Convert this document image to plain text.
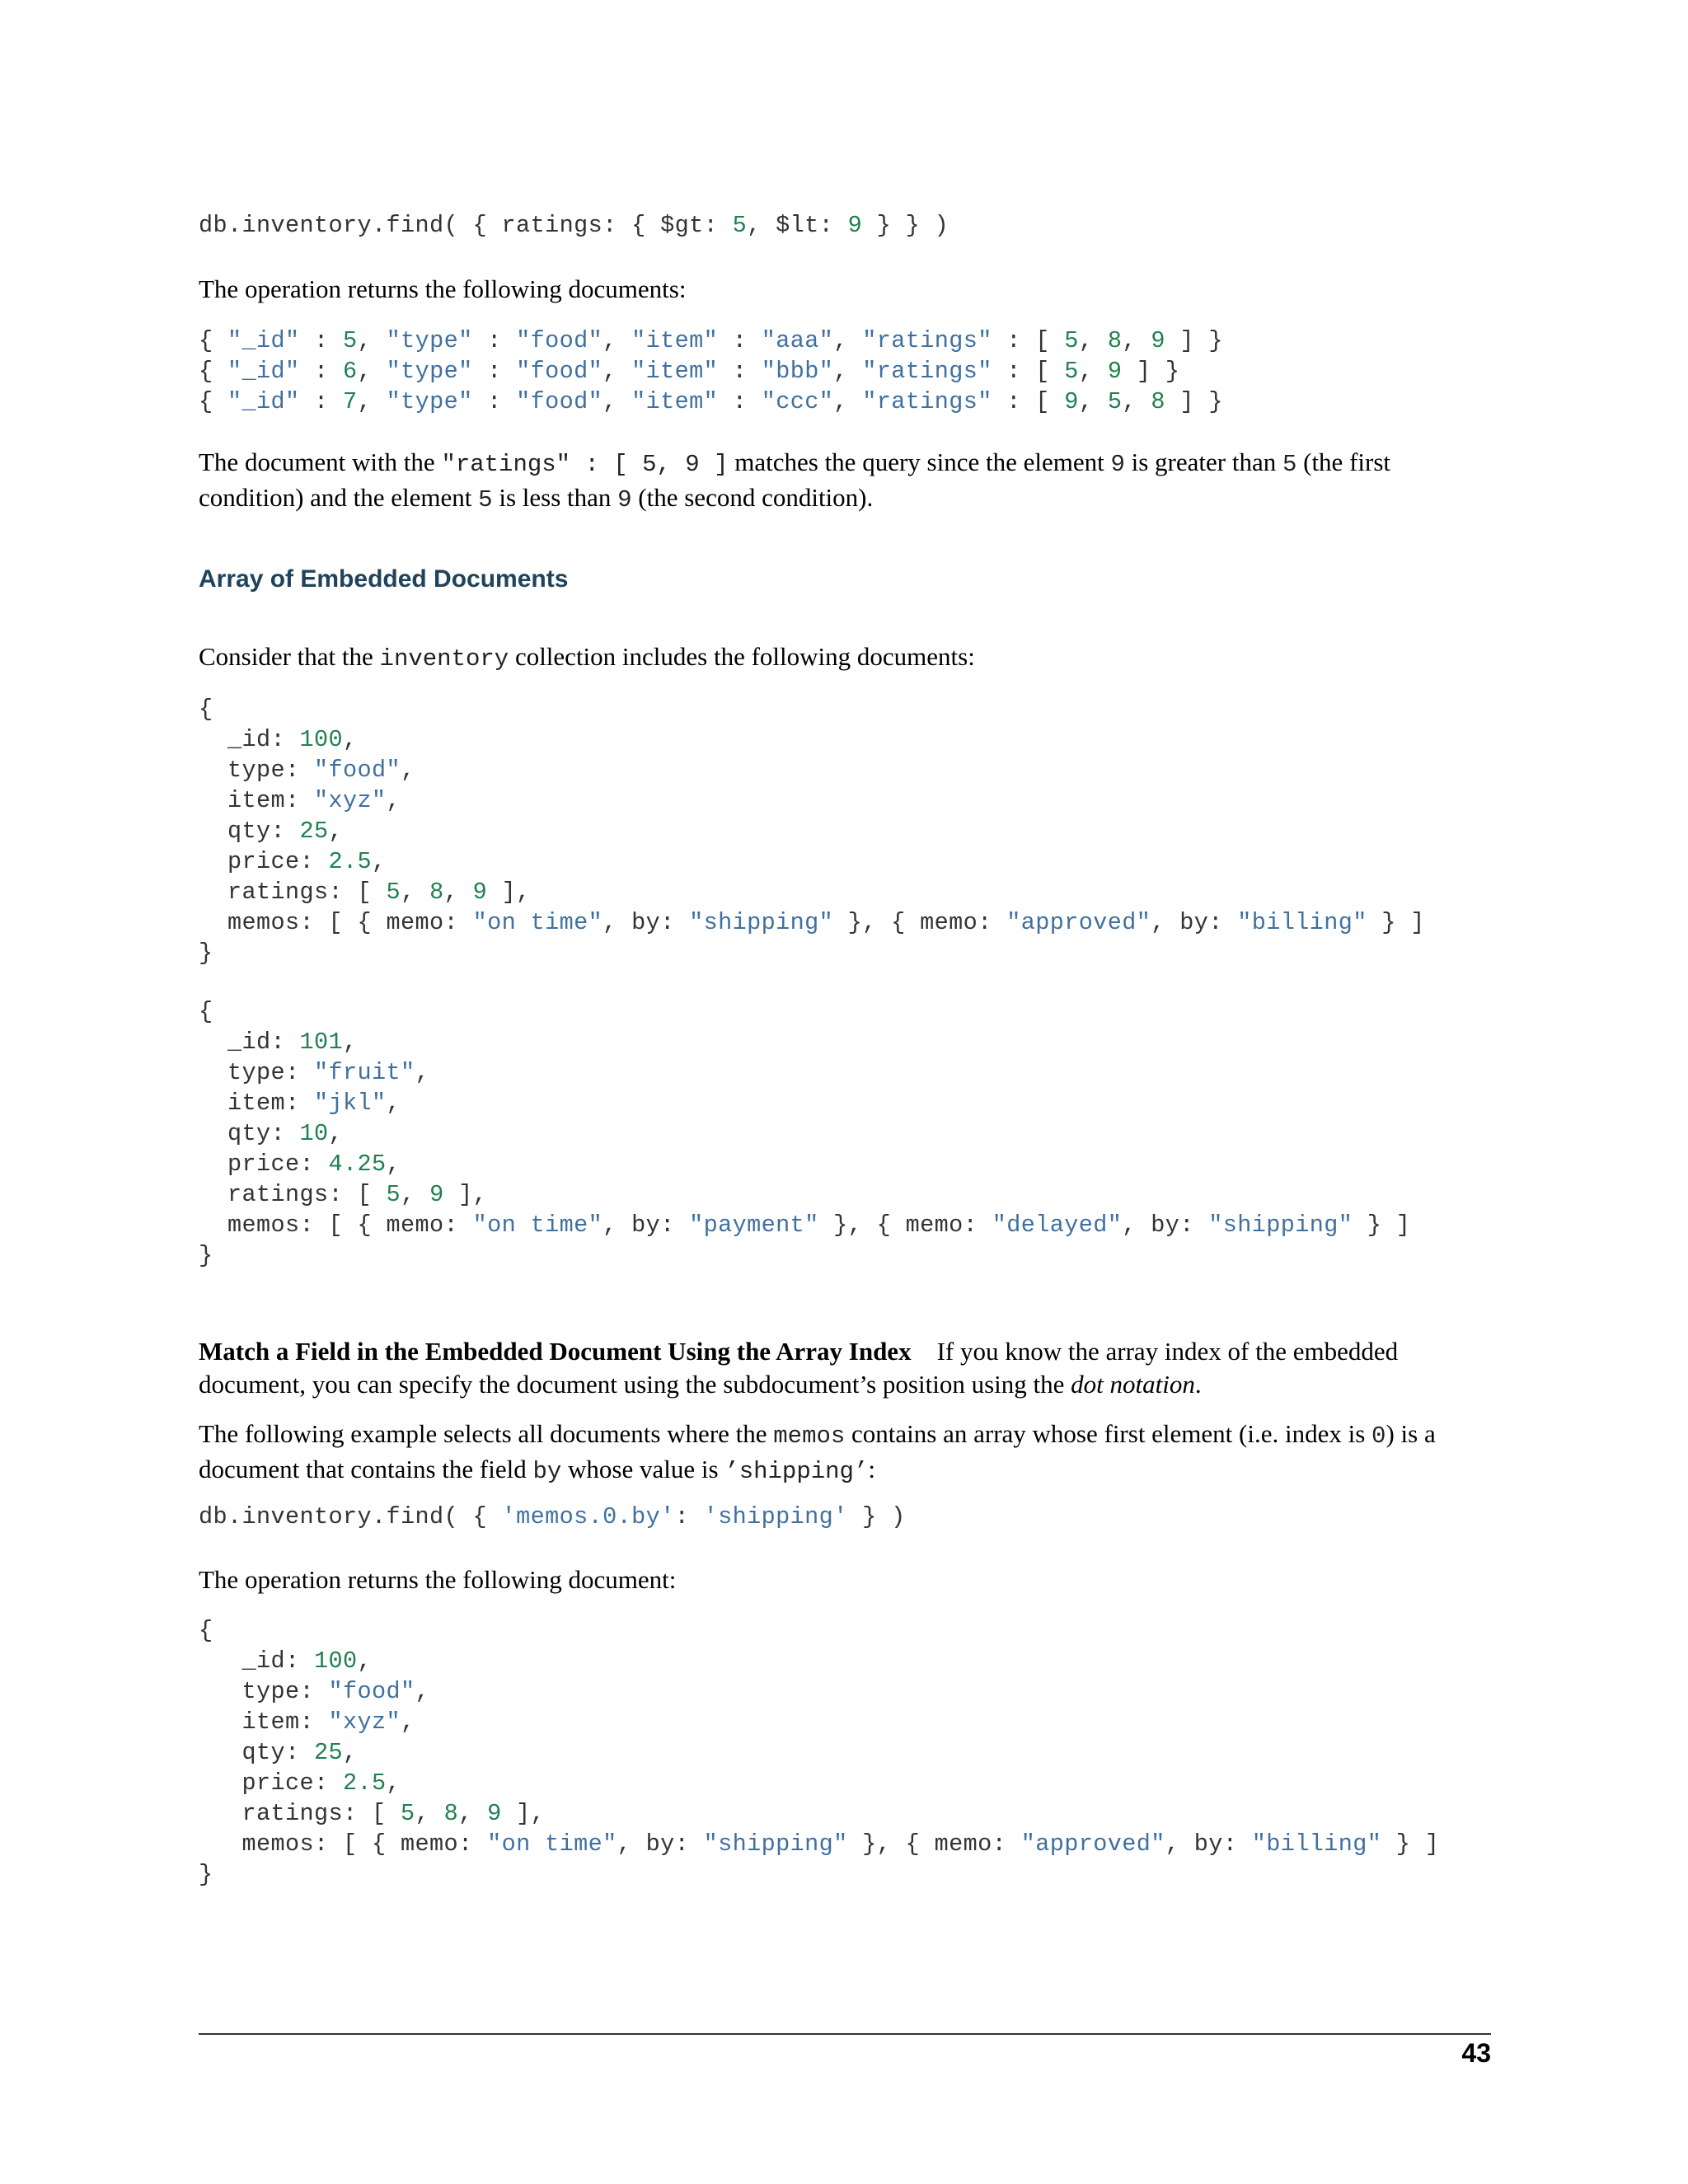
db.inventory.find( { ratings: { $gt: 5, $lt: 9 } } )

The operation returns the following documents:

{ "_id" : 5, "type" : "food", "item" : "aaa", "ratings" : [ 5, 8, 9 ] }
{ "_id" : 6, "type" : "food", "item" : "bbb", "ratings" : [ 5, 9 ] }
{ "_id" : 7, "type" : "food", "item" : "ccc", "ratings" : [ 9, 5, 8 ] }

The document with the "ratings" : [ 5, 9 ] matches the query since the element 9 is greater than 5 (the first condition) and the element 5 is less than 9 (the second condition).

Array of Embedded Documents

Consider that the inventory collection includes the following documents:

{
_id: 100,
type: "food",
item: "xyz",
qty: 25,
price: 2.5,
ratings: [ 5, 8, 9 ],
memos: [ { memo: "on time", by: "shipping" }, { memo: "approved", by: "billing" } ]
}
{
_id: 101,
type: "fruit",
item: "jkl",
qty: 10,
price: 4.25,
ratings: [ 5, 9 ],
memos: [ { memo: "on time", by: "payment" }, { memo: "delayed", by: "shipping" } ]
}

Match a Field in the Embedded Document Using the Array Index If you know the array index of the embedded document, you can specify the document using the subdocument’s position using the dot notation.

The following example selects all documents where the memos contains an array whose first element (i.e. index is 0) is a document that contains the field by whose value is ’shipping’:

db.inventory.find( { 'memos.0.by': 'shipping' } )

The operation returns the following document:

{
_id: 100,
type: "food",
item: "xyz",
qty: 25,
price: 2.5,
ratings: [ 5, 8, 9 ],
memos: [ { memo: "on time", by: "shipping" }, { memo: "approved", by: "billing" } ]
}
43
